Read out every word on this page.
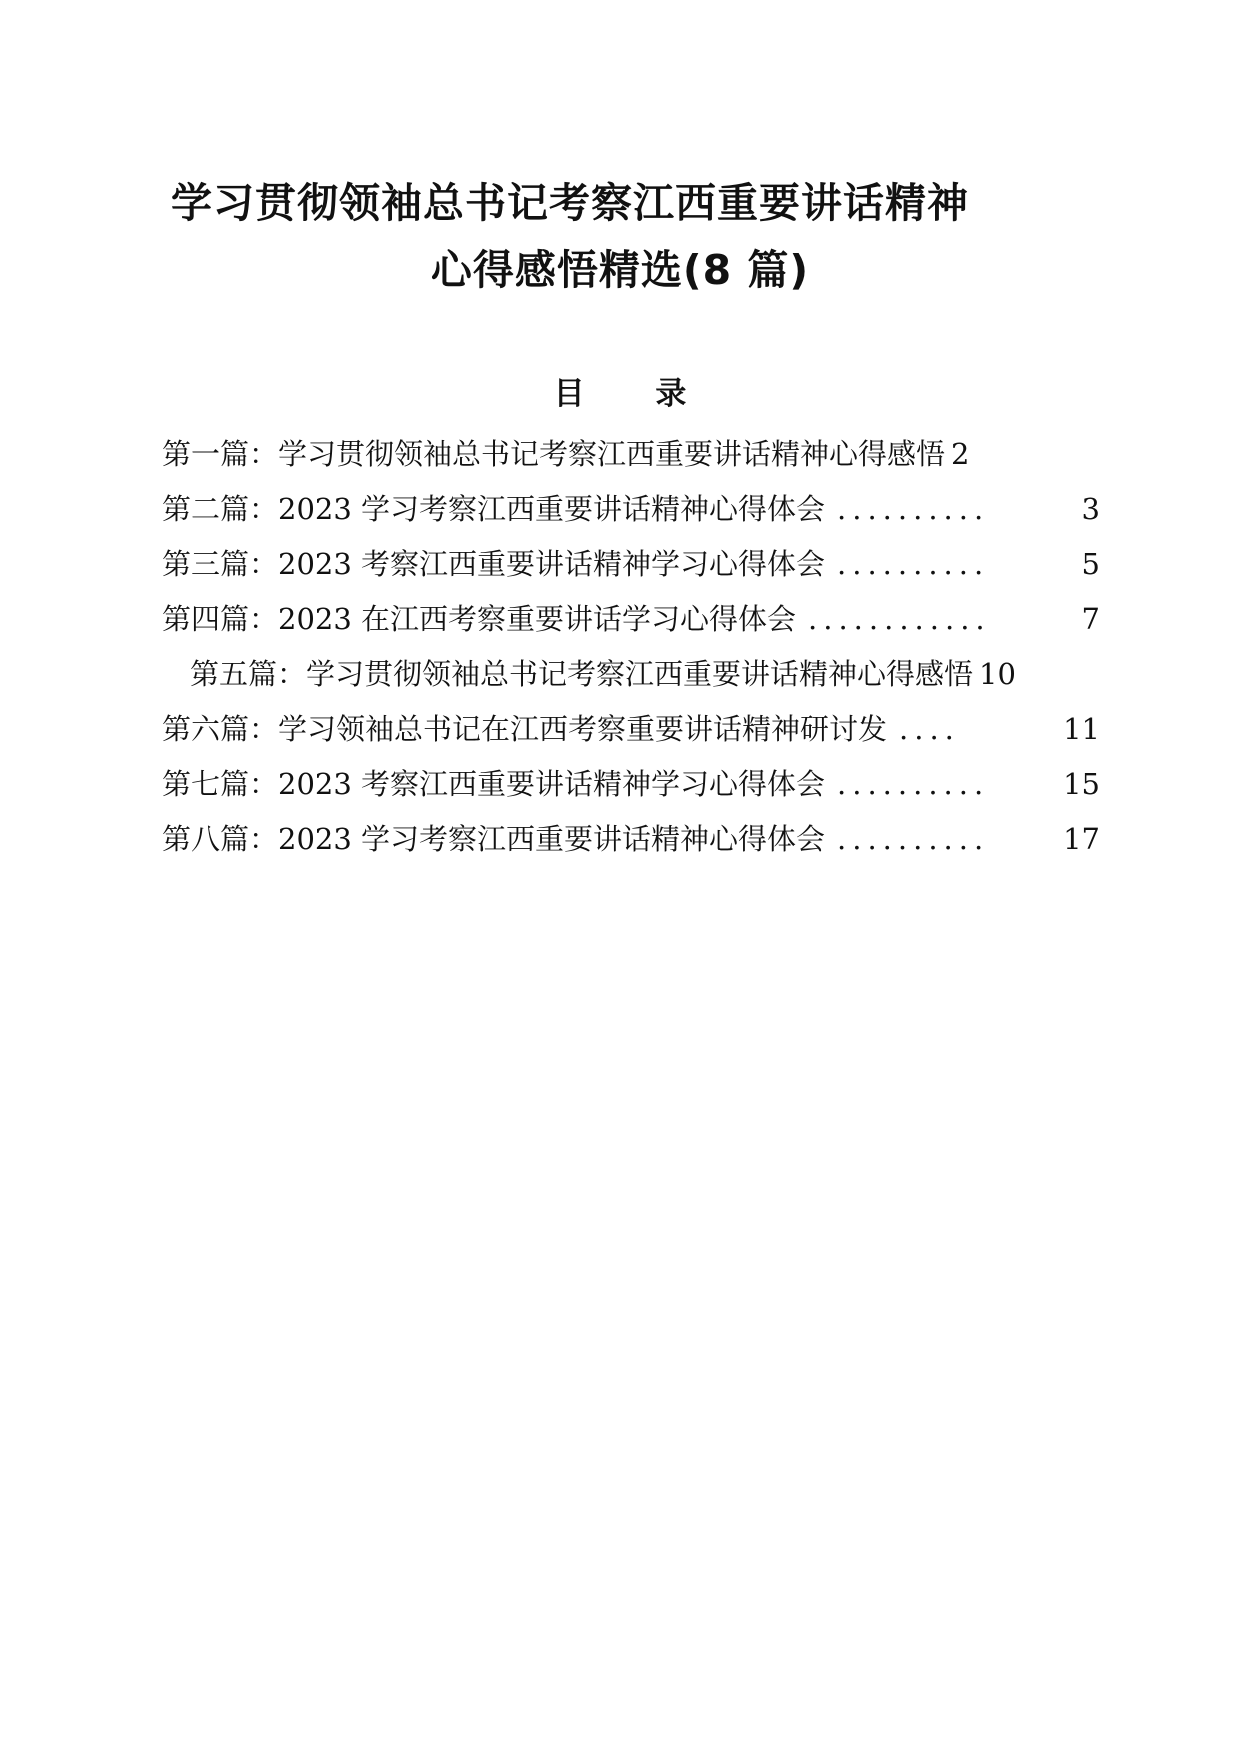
学习贯彻领袖总书记考察江西重要讲话精神
心得感悟精选(8 篇)
目 录
第一篇：学习贯彻领袖总书记考察江西重要讲话精神心得感悟 2
第二篇：2023 学习考察江西重要讲话精神心得体会 ..........	3
第三篇：2023 考察江西重要讲话精神学习心得体会 ..........	5
第四篇：2023 在江西考察重要讲话学习心得体会 ............	7
第五篇：学习贯彻领袖总书记考察江西重要讲话精神心得感悟 10
第六篇：学习领袖总书记在江西考察重要讲话精神研讨发 ....	11
第七篇：2023 考察江西重要讲话精神学习心得体会 ..........	15
第八篇：2023 学习考察江西重要讲话精神心得体会 ..........	17
